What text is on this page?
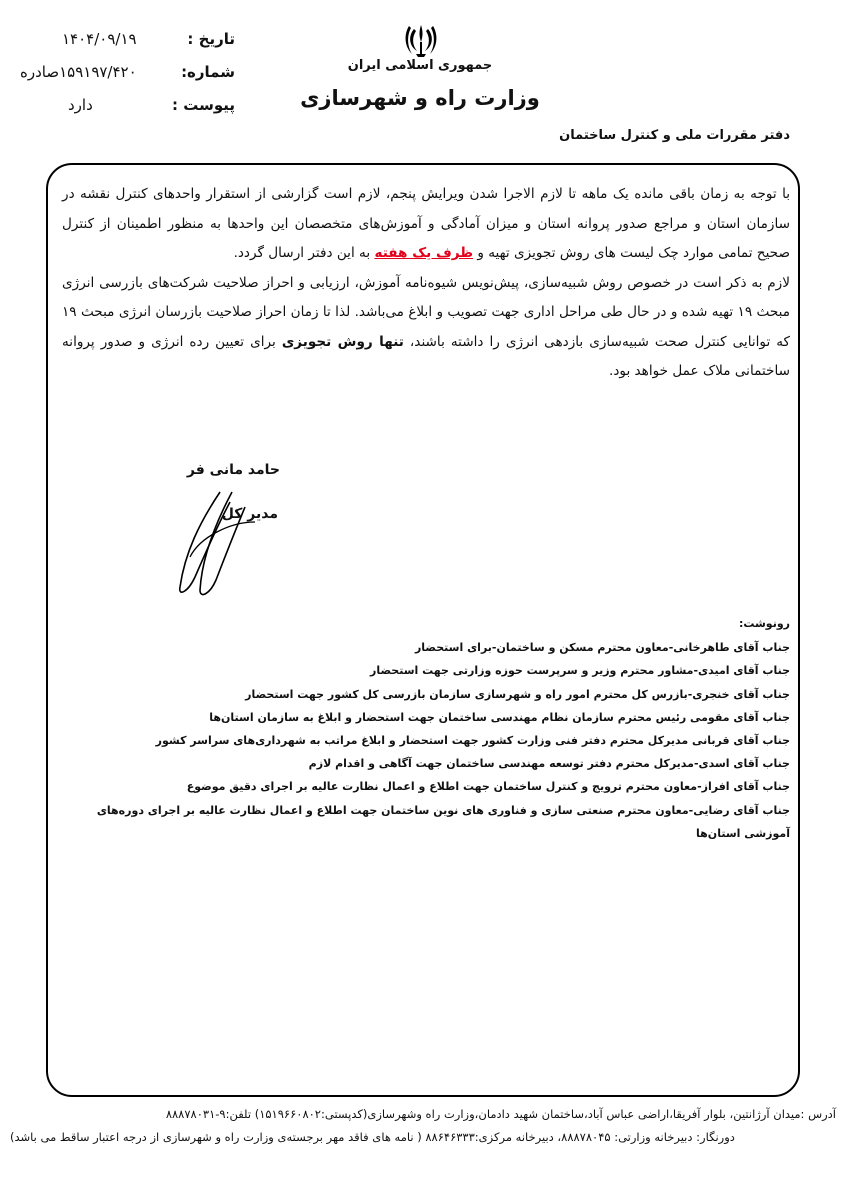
تاریخ :
۱۴۰۴/۰۹/۱۹
شماره:
۱۵۹۱۹۷/۴۲۰صادره
پیوست :
دارد
جمهوری اسلامی ایران
وزارت راه و شهرسازی
دفتر مقررات ملی و کنترل ساختمان

با توجه به زمان باقی مانده یک ماهه تا لازم الاجرا شدن ویرایش پنجم، لازم است گزارشی از استقرار واحدهای کنترل نقشه در سازمان استان و مراجع صدور پروانه استان و میزان آمادگی و آموزش‌های متخصصان این واحدها به منظور اطمینان از کنترل صحیح تمامی موارد چک لیست های روش تجویزی تهیه و ظرف یک هفته به این دفتر ارسال گردد.

لازم به ذکر است در خصوص روش شبیه‌سازی، پیش‌نویس شیوه‌نامه آموزش، ارزیابی و احراز صلاحیت شرکت‌های بازرسی انرژی مبحث ۱۹ تهیه شده و در حال طی مراحل اداری جهت تصویب و ابلاغ می‌باشد. لذا تا زمان احراز صلاحیت بازرسان انرژی مبحث ۱۹ که توانایی کنترل صحت شبیه‌سازی بازدهی انرژی را داشته باشند، تنها روش تجویزی برای تعیین رده انرژی و صدور پروانه ساختمانی ملاک عمل خواهد بود.

حامد مانی فر
مدیر کل
رونوشت:
جناب آقای طاهرخانی-معاون محترم مسکن و ساختمان-برای استحضار
جناب آقای امیدی-مشاور محترم وزیر و سرپرست حوزه وزارتی جهت استحضار
جناب آقای خنجری-بازرس کل محترم امور راه و شهرسازی سازمان بازرسی کل کشور جهت استحضار
جناب آقای مقومی رئیس محترم سازمان نظام مهندسی ساختمان جهت استحضار و ابلاغ به سازمان استان‌ها
جناب آقای قربانی مدیرکل محترم دفتر فنی وزارت کشور جهت استحضار و ابلاغ مراتب به شهرداری‌های سراسر کشور
جناب آقای اسدی-مدیرکل محترم دفتر توسعه مهندسی ساختمان جهت آگاهی و اقدام لازم
جناب آقای افراز-معاون محترم ترویج و کنترل ساختمان جهت اطلاع و اعمال نظارت عالیه بر اجرای دقیق موضوع
جناب آقای رضایی-معاون محترم صنعتی سازی و فناوری های نوین ساختمان جهت اطلاع و اعمال نظارت عالیه بر اجرای دوره‌های آموزشی استان‌ها
آدرس :میدان آرژانتین، بلوار آفریقا،اراضی عباس آباد،ساختمان شهید دادمان،وزارت راه وشهرسازی(کدپستی:۱۵۱۹۶۶۰۸۰۲) تلفن:۹-۸۸۸۷۸۰۳۱
دورنگار: دبیرخانه وزارتی: ۸۸۸۷۸۰۴۵، دبیرخانه مرکزی:۸۸۶۴۶۳۳۳ ( نامه های فاقد مهر برجسته‌ی وزارت راه و شهرسازی از درجه اعتبار ساقط می باشد)
